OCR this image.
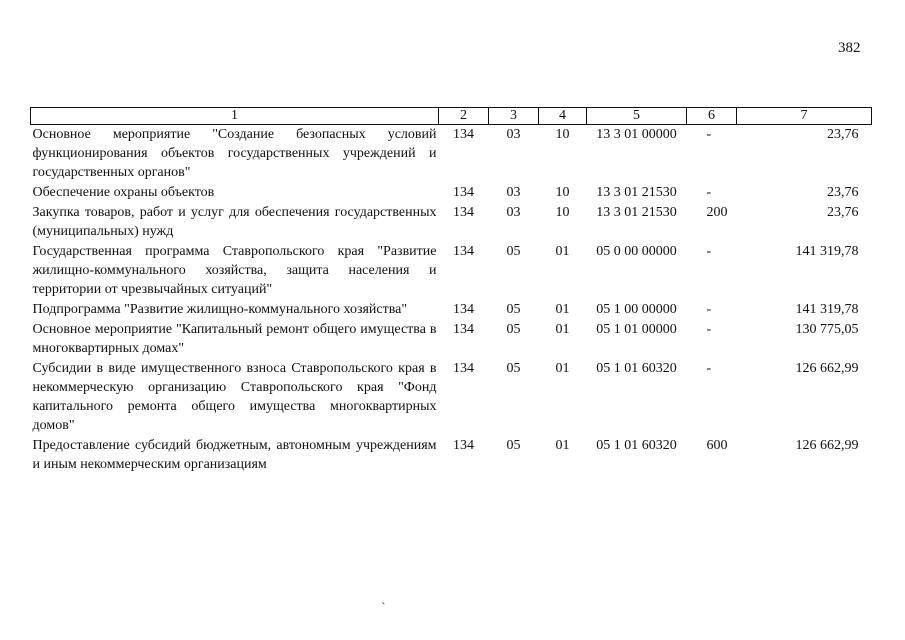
382
1	2	3	4	5	6	7
Основное мероприятие "Создание безопасных условий функционирования объектов государственных учреждений и государственных органов"	134	03	10	13 3 01 00000	-	23,76
Обеспечение охраны объектов	134	03	10	13 3 01 21530	-	23,76
Закупка товаров, работ и услуг для обеспечения государственных (муниципальных) нужд	134	03	10	13 3 01 21530	200	23,76
Государственная программа Ставропольского края "Развитие жилищно-коммунального хозяйства, защита населения и территории от чрезвычайных ситуаций"	134	05	01	05 0 00 00000	-	141 319,78
Подпрограмма "Развитие жилищно-коммунального хозяйства"	134	05	01	05 1 00 00000	-	141 319,78
Основное мероприятие "Капитальный ремонт общего имущества в многоквартирных домах"	134	05	01	05 1 01 00000	-	130 775,05
Субсидии в виде имущественного взноса Ставропольского края в некоммерческую организацию Ставропольского края "Фонд капитального ремонта общего имущества многоквартирных домов"	134	05	01	05 1 01 60320	-	126 662,99
Предоставление субсидий бюджетным, автономным учреждениям и иным некоммерческим организациям	134	05	01	05 1 01 60320	600	126 662,99
`
